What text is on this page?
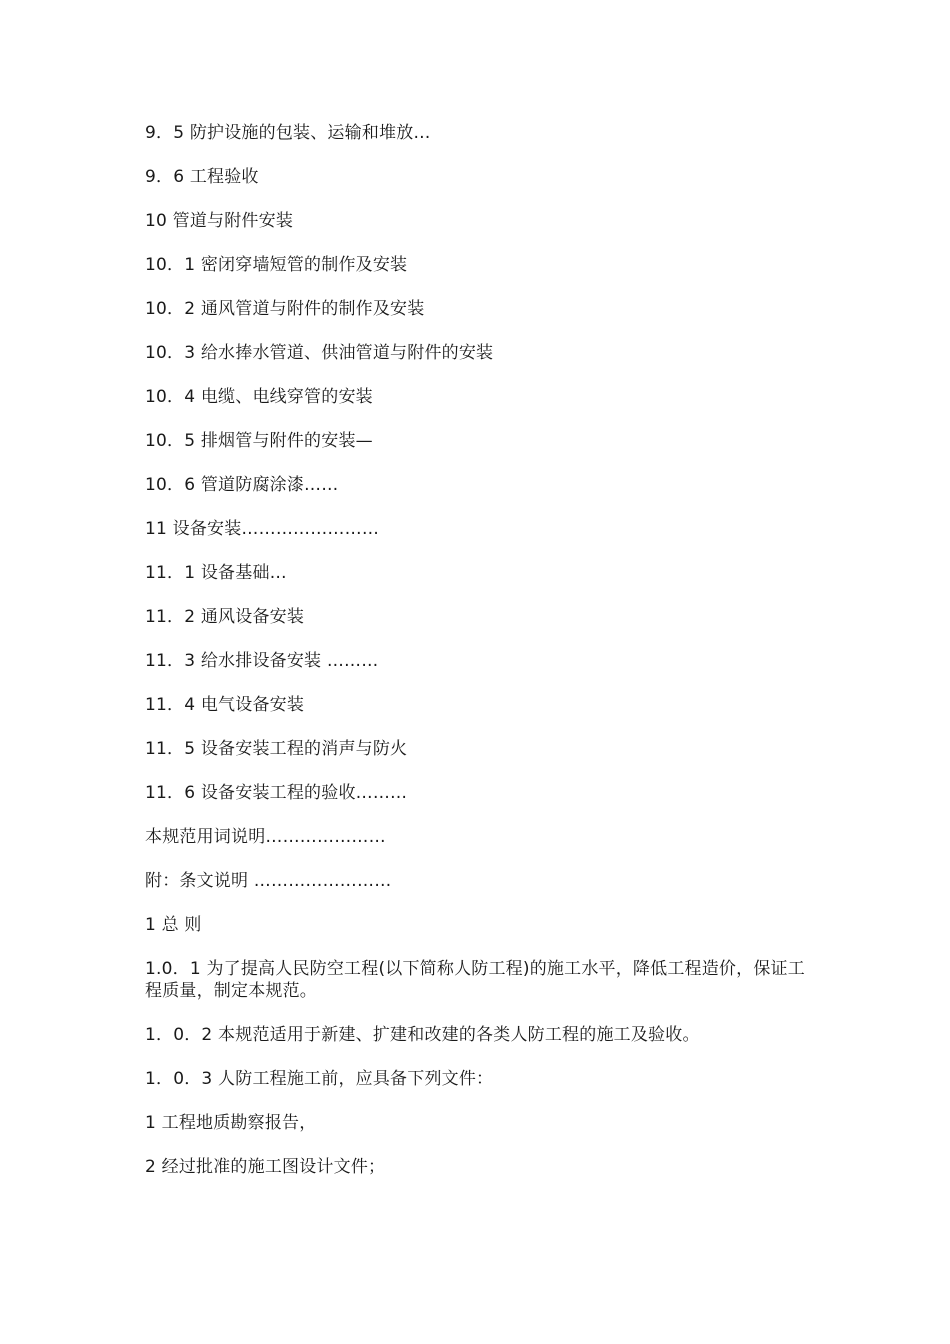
9．5 防护设施的包装、运输和堆放…
9．6 工程验收
10 管道与附件安装
10．1 密闭穿墙短管的制作及安装
10．2 通风管道与附件的制作及安装
10．3 给水捧水管道、供油管道与附件的安装
10．4 电缆、电线穿管的安装
10．5 排烟管与附件的安装—
10．6 管道防腐涂漆……
11 设备安装……………………
11．1 设备基础…
11．2 通风设备安装
11．3 给水排设备安装 ………
11．4 电气设备安装
11．5 设备安装工程的消声与防火
11．6 设备安装工程的验收………
本规范用词说明…………………
附：条文说明 ……………………
1 总 则
1.0．1 为了提高人民防空工程(以下简称人防工程)的施工水平，降低工程造价，保证工程质量，制定本规范。
1．0．2 本规范适用于新建、扩建和改建的各类人防工程的施工及验收。
1．0．3 人防工程施工前，应具备下列文件：
1 工程地质勘察报告，
2 经过批准的施工图设计文件；
